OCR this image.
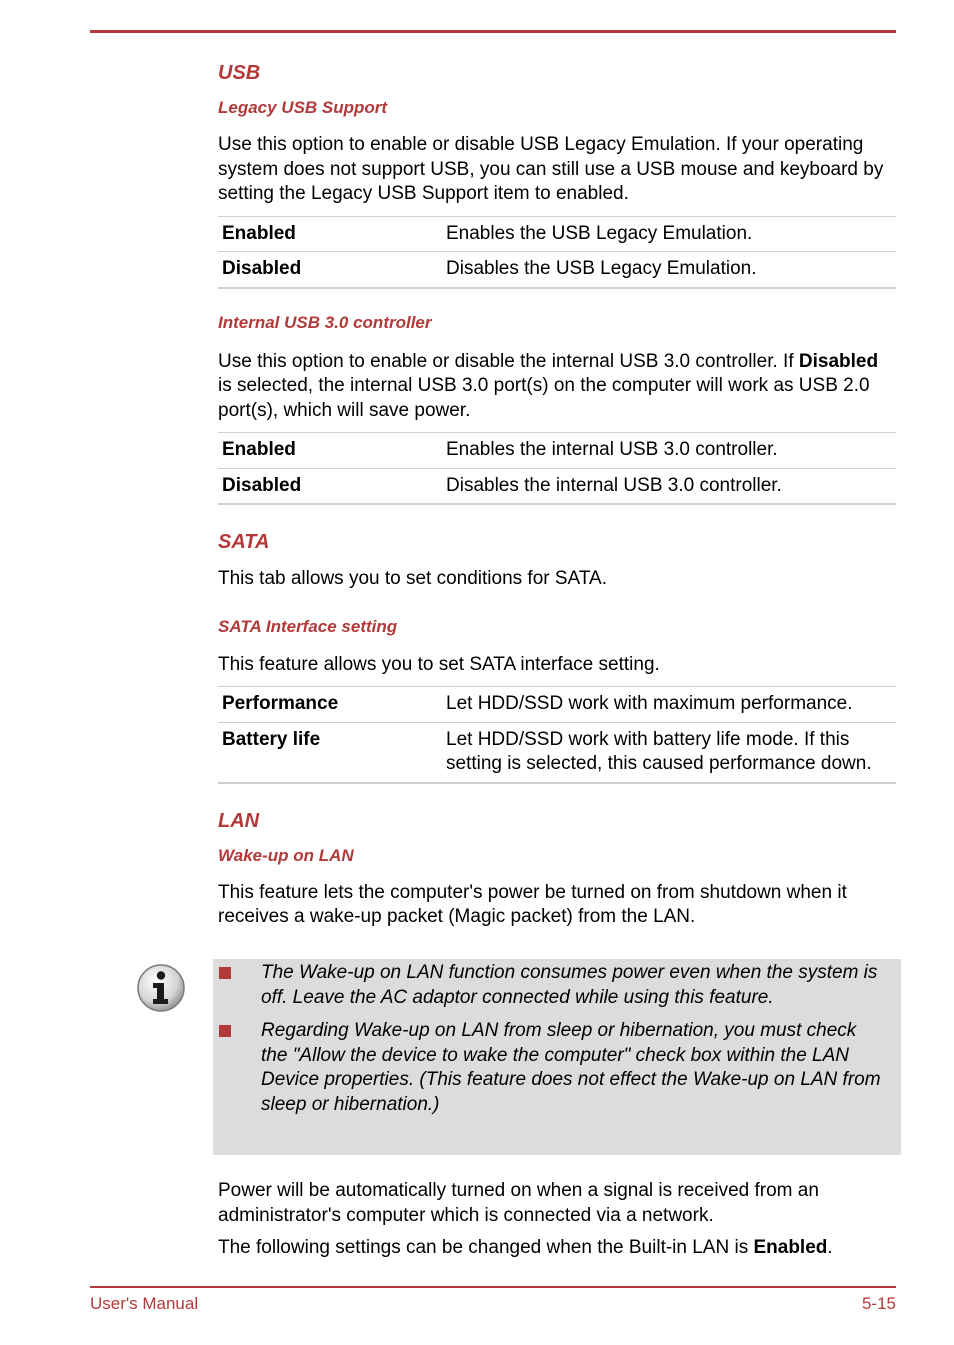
USB
Legacy USB Support

Use this option to enable or disable USB Legacy Emulation. If your operating system does not support USB, you can still use a USB mouse and keyboard by setting the Legacy USB Support item to enabled.

Enabled	Enables the USB Legacy Emulation.
Disabled	Disables the USB Legacy Emulation.
Internal USB 3.0 controller

Use this option to enable or disable the internal USB 3.0 controller. If Disabled is selected, the internal USB 3.0 port(s) on the computer will work as USB 2.0 port(s), which will save power.

Enabled	Enables the internal USB 3.0 controller.
Disabled	Disables the internal USB 3.0 controller.
SATA

This tab allows you to set conditions for SATA.

SATA Interface setting

This feature allows you to set SATA interface setting.

Performance	Let HDD/SSD work with maximum performance.
Battery life	Let HDD/SSD work with battery life mode. If this setting is selected, this caused performance down.
LAN
Wake-up on LAN

This feature lets the computer's power be turned on from shutdown when it receives a wake-up packet (Magic packet) from the LAN.

The Wake-up on LAN function consumes power even when the system is off. Leave the AC adaptor connected while using this feature.
Regarding Wake-up on LAN from sleep or hibernation, you must check the "Allow the device to wake the computer" check box within the LAN Device properties. (This feature does not effect the Wake-up on LAN from sleep or hibernation.)

Power will be automatically turned on when a signal is received from an administrator's computer which is connected via a network.

The following settings can be changed when the Built-in LAN is Enabled.

User's Manual	5-15
